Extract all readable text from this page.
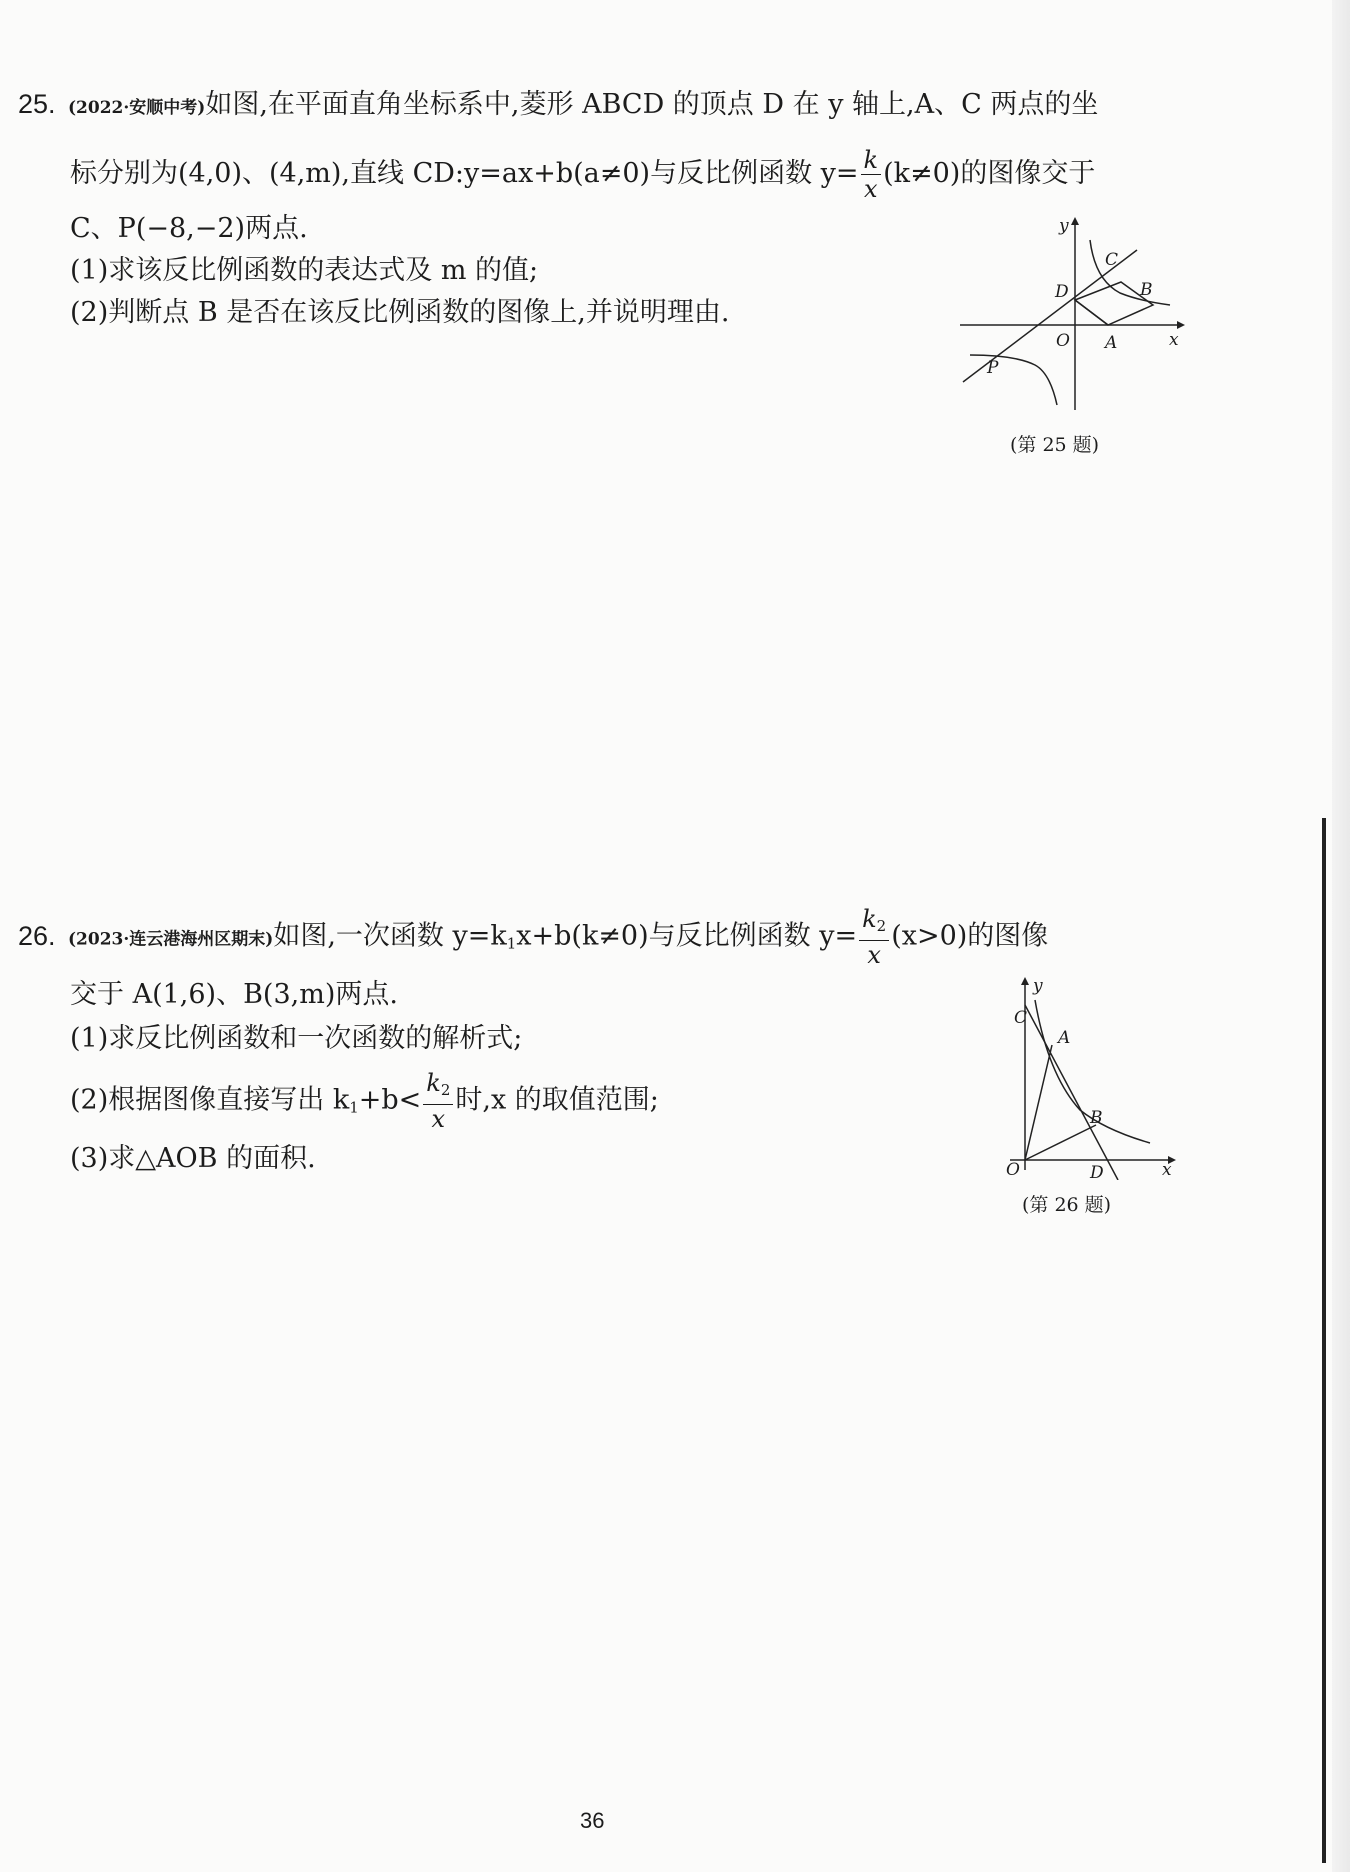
25. (2022·安顺中考)如图,在平面直角坐标系中,菱形 ABCD 的顶点 D 在 y 轴上,A、C 两点的坐
标分别为(4,0)、(4,m),直线 CD:y=ax+b(a≠0)与反比例函数 $y= \frac{k}{x} (k\ne 0)$的图像交于
C、P(−8,−2)两点.
(1)求该反比例函数的表达式及 m 的值;
(2)判断点 B 是否在该反比例函数的图像上,并说明理由.
y
x
O A
B
C
D
P
(第 25 题)
26. (2023·连云港海州区期末)如图,一次函数 $y=k_1x+b(k\ne 0)$与反比例函数 $y= \frac{k_2}{x} (x>0)$的图像
交于 A(1,6)、B(3,m)两点.
(1)求反比例函数和一次函数的解析式;
(2)根据图像直接写出 $k_1+b< \frac{k_2}{x}$ 时,x 的取值范围;
(3)求△AOB 的面积.
y
x
O
A
B
C
D
(第 26 题)
36
